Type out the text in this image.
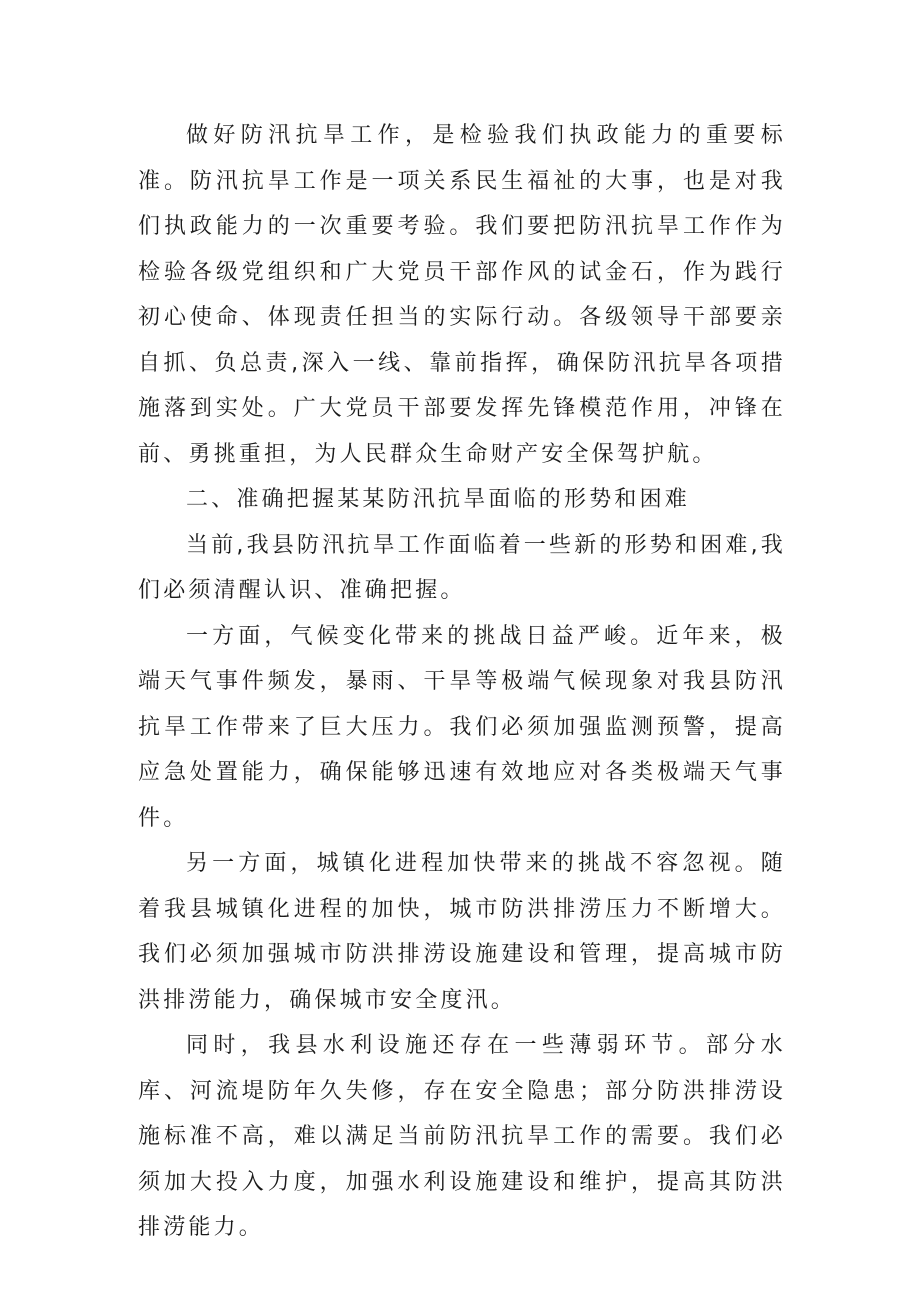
做好防汛抗旱工作，是检验我们执政能力的重要标准。防汛抗旱工作是一项关系民生福祉的大事，也是对我们执政能力的一次重要考验。我们要把防汛抗旱工作作为检验各级党组织和广大党员干部作风的试金石，作为践行初心使命、体现责任担当的实际行动。各级领导干部要亲自抓、负总责,深入一线、靠前指挥，确保防汛抗旱各项措施落到实处。广大党员干部要发挥先锋模范作用，冲锋在前、勇挑重担，为人民群众生命财产安全保驾护航。

二、准确把握某某防汛抗旱面临的形势和困难

当前,我县防汛抗旱工作面临着一些新的形势和困难,我们必须清醒认识、准确把握。

一方面，气候变化带来的挑战日益严峻。近年来，极端天气事件频发，暴雨、干旱等极端气候现象对我县防汛抗旱工作带来了巨大压力。我们必须加强监测预警，提高应急处置能力，确保能够迅速有效地应对各类极端天气事件。

另一方面，城镇化进程加快带来的挑战不容忽视。随着我县城镇化进程的加快，城市防洪排涝压力不断增大。我们必须加强城市防洪排涝设施建设和管理，提高城市防洪排涝能力，确保城市安全度汛。

同时，我县水利设施还存在一些薄弱环节。部分水库、河流堤防年久失修，存在安全隐患；部分防洪排涝设施标准不高，难以满足当前防汛抗旱工作的需要。我们必须加大投入力度，加强水利设施建设和维护，提高其防洪排涝能力。
